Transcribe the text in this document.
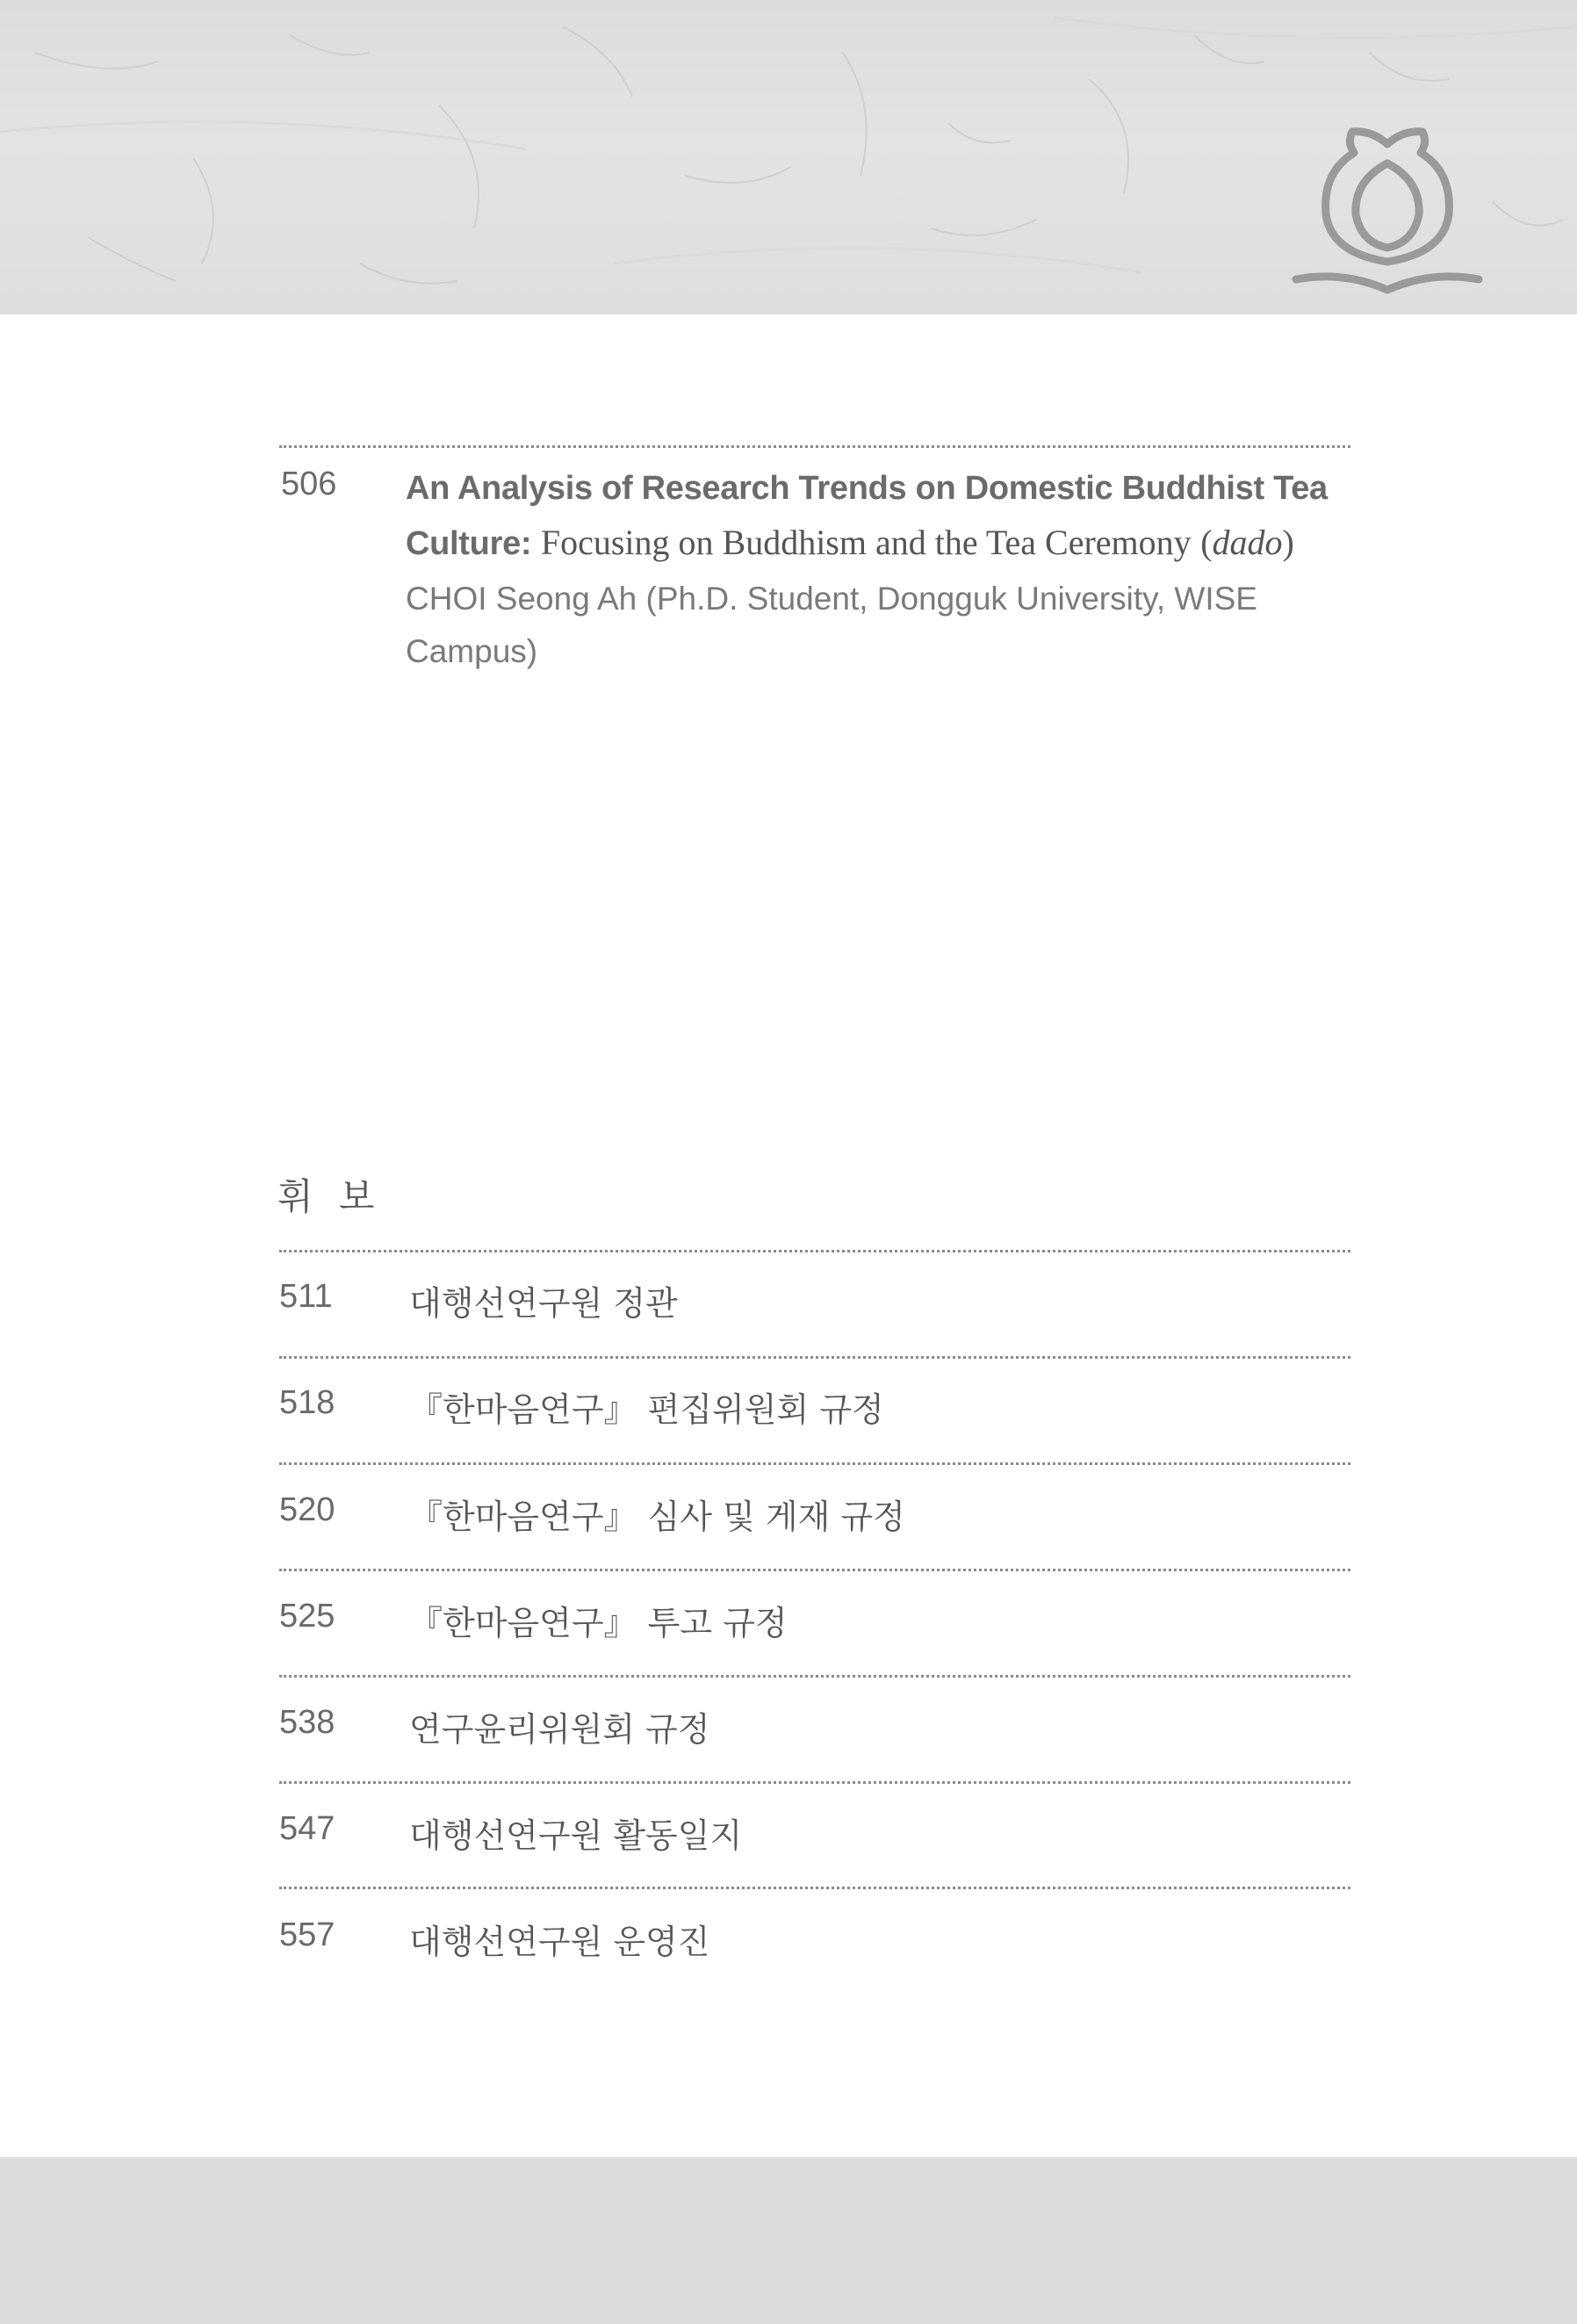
506 An Analysis of Research Trends on Domestic Buddhist Tea Culture: Focusing on Buddhism and the Tea Ceremony (dado)
CHOI Seong Ah (Ph.D. Student, Dongguk University, WISE Campus)
휘 보
511 대행선연구원 정관
518 『한마음연구』 편집위원회 규정
520 『한마음연구』 심사 및 게재 규정
525 『한마음연구』 투고 규정
538 연구윤리위원회 규정
547 대행선연구원 활동일지
557 대행선연구원 운영진
